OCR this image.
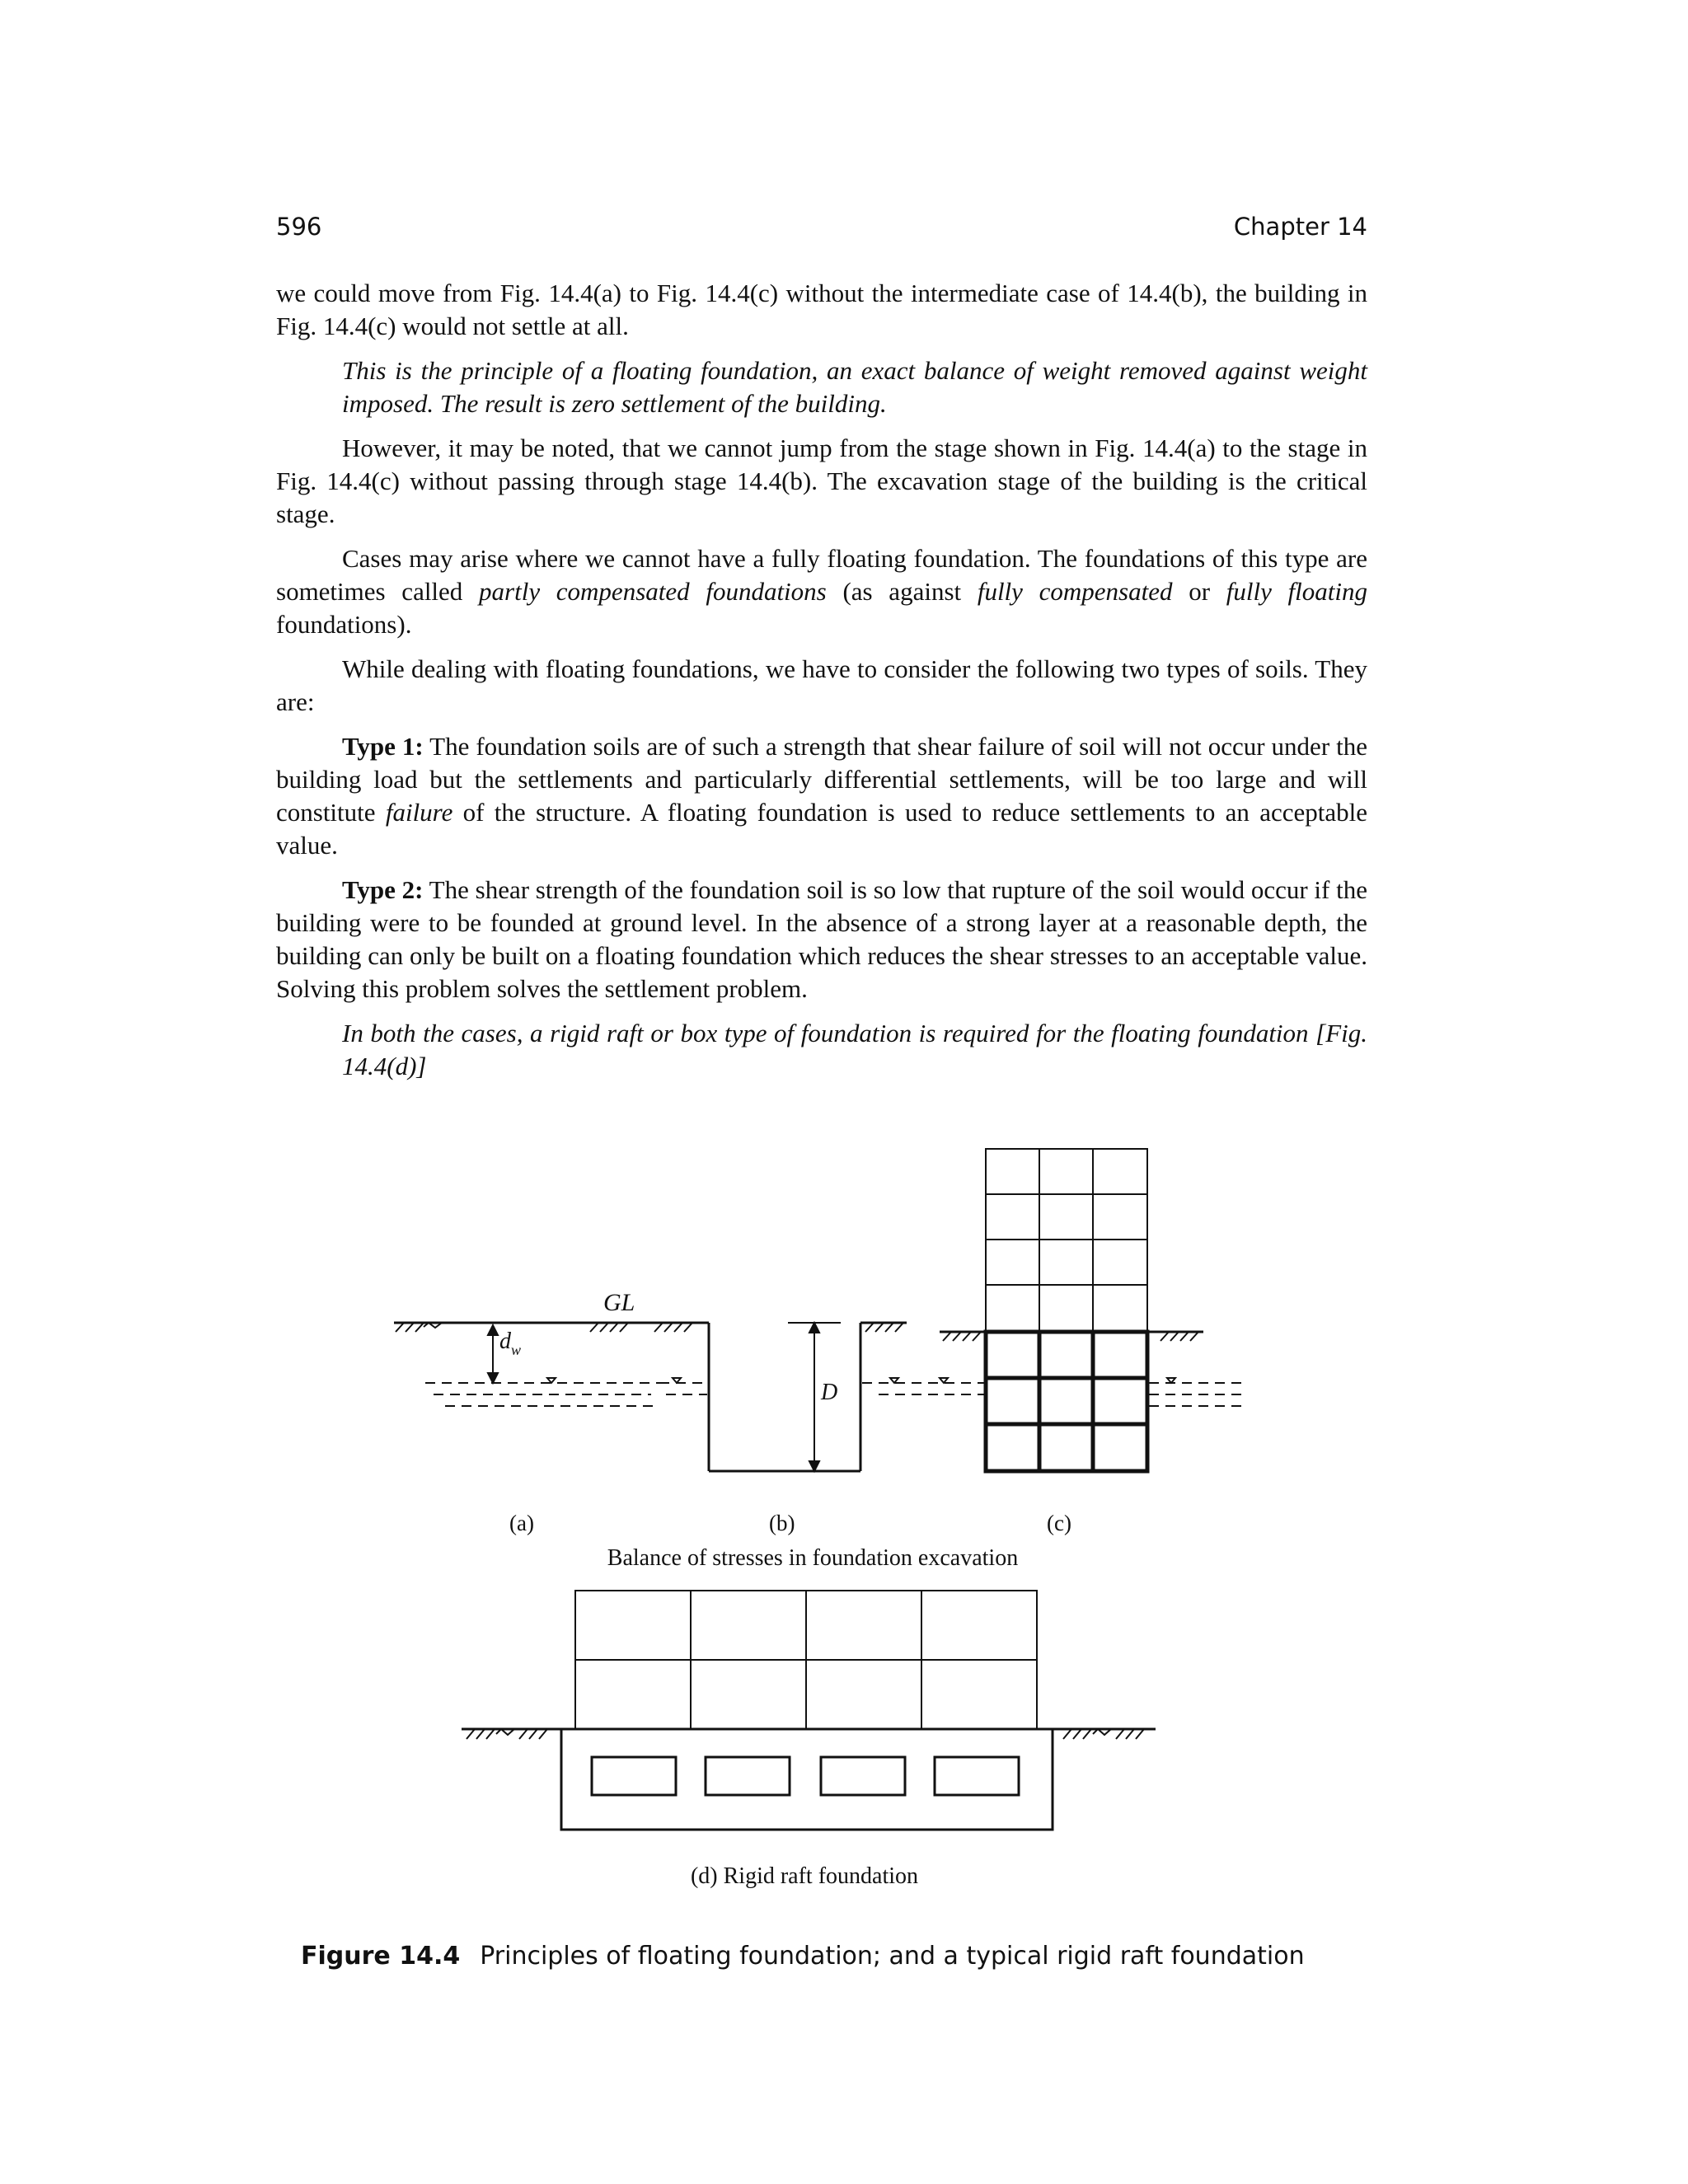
596	Chapter 14

we could move from Fig. 14.4(a) to Fig. 14.4(c) without the intermediate case of 14.4(b), the building in Fig. 14.4(c) would not settle at all.

This is the principle of a floating foundation, an exact balance of weight removed against weight imposed. The result is zero settlement of the building.

However, it may be noted, that we cannot jump from the stage shown in Fig. 14.4(a) to the stage in Fig. 14.4(c) without passing through stage 14.4(b). The excavation stage of the building is the critical stage.

Cases may arise where we cannot have a fully floating foundation. The foundations of this type are sometimes called partly compensated foundations (as against fully compensated or fully floating foundations).

While dealing with floating foundations, we have to consider the following two types of soils. They are:

Type 1: The foundation soils are of such a strength that shear failure of soil will not occur under the building load but the settlements and particularly differential settlements, will be too large and will constitute failure of the structure. A floating foundation is used to reduce settlements to an acceptable value.

Type 2: The shear strength of the foundation soil is so low that rupture of the soil would occur if the building were to be founded at ground level. In the absence of a strong layer at a reasonable depth, the building can only be built on a floating foundation which reduces the shear stresses to an acceptable value. Solving this problem solves the settlement problem.

In both the cases, a rigid raft or box type of foundation is required for the floating foundation [Fig. 14.4(d)]

GL
$d_w$
D
(a)	(b)	(c)
Balance of stresses in foundation excavation
(d) Rigid raft foundation
Figure 14.4 Principles of floating foundation; and a typical rigid raft foundation
